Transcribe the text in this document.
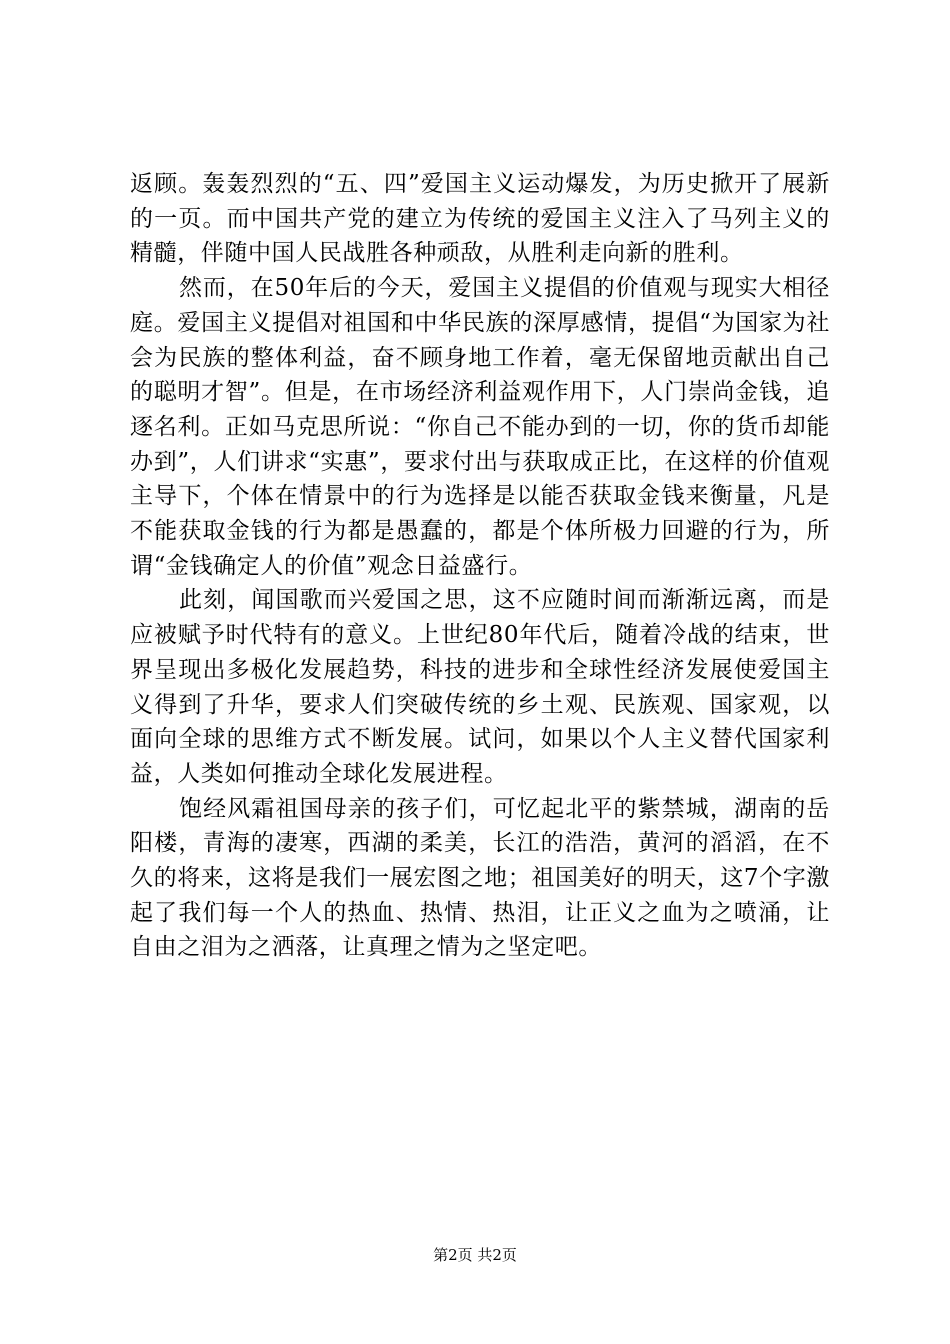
返顾。轰轰烈烈的“五、四”爱国主义运动爆发，为历史掀开了展新的一页。而中国共产党的建立为传统的爱国主义注入了马列主义的精髓，伴随中国人民战胜各种顽敌，从胜利走向新的胜利。

然而，在50年后的今天，爱国主义提倡的价值观与现实大相径庭。爱国主义提倡对祖国和中华民族的深厚感情，提倡“为国家为社会为民族的整体利益，奋不顾身地工作着，毫无保留地贡献出自己的聪明才智”。但是，在市场经济利益观作用下，人门崇尚金钱，追逐名利。正如马克思所说：“你自己不能办到的一切，你的货币却能办到”，人们讲求“实惠”，要求付出与获取成正比，在这样的价值观主导下，个体在情景中的行为选择是以能否获取金钱来衡量，凡是不能获取金钱的行为都是愚蠢的，都是个体所极力回避的行为，所谓“金钱确定人的价值”观念日益盛行。

此刻，闻国歌而兴爱国之思，这不应随时间而渐渐远离，而是应被赋予时代特有的意义。上世纪80年代后，随着冷战的结束，世界呈现出多极化发展趋势，科技的进步和全球性经济发展使爱国主义得到了升华，要求人们突破传统的乡土观、民族观、国家观，以面向全球的思维方式不断发展。试问，如果以个人主义替代国家利益，人类如何推动全球化发展进程。

饱经风霜祖国母亲的孩子们，可忆起北平的紫禁城，湖南的岳阳楼，青海的凄寒，西湖的柔美，长江的浩浩，黄河的滔滔，在不久的将来，这将是我们一展宏图之地；祖国美好的明天，这7个字激起了我们每一个人的热血、热情、热泪，让正义之血为之喷涌，让自由之泪为之洒落，让真理之情为之坚定吧。

第2页 共2页
